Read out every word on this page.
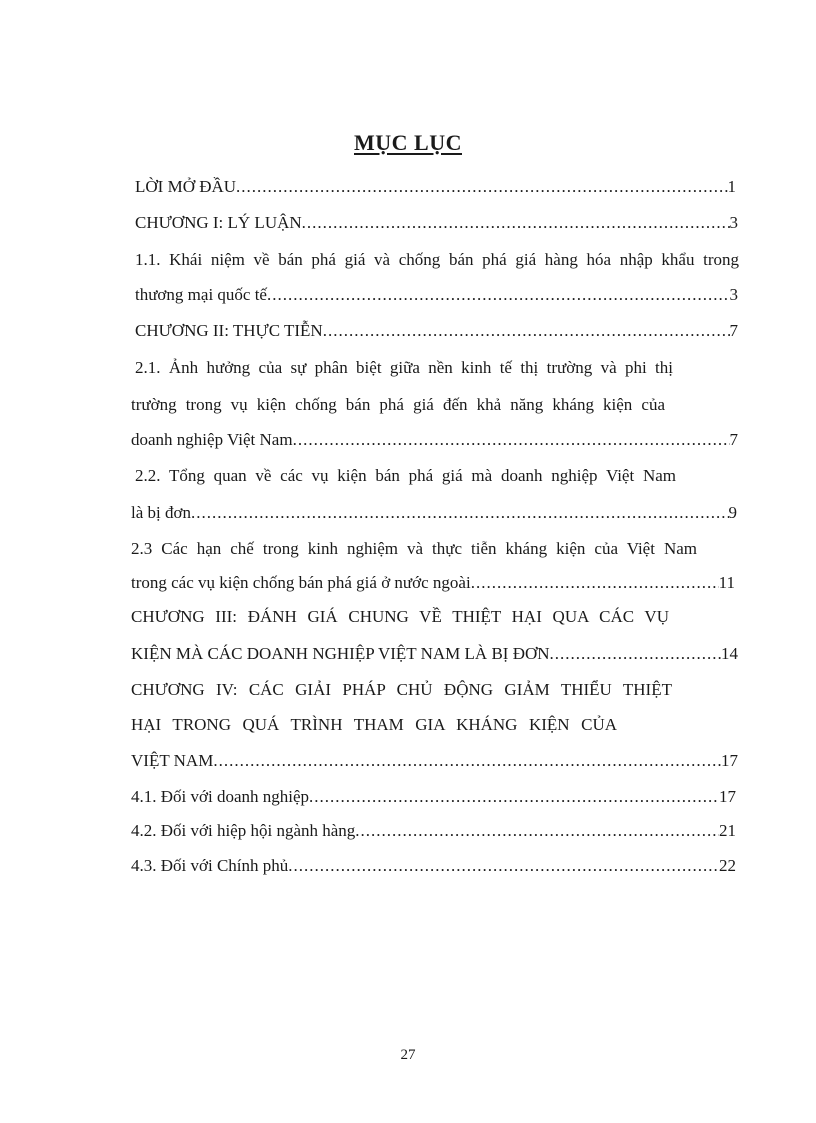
MỤC LỤC
LỜI MỞ ĐẦU .....	1
CHƯƠNG I: LÝ LUẬN .....	3
1.1. Khái niệm về bán phá giá và chống bán phá giá hàng hóa nhập khẩu trong
thương mại quốc tế .....	3
CHƯƠNG II: THỰC TIỄN .....	7
2.1. Ảnh hưởng của sự phân biệt giữa nền kinh tế thị trường và phi thị
trường trong vụ kiện chống bán phá giá đến khả năng kháng kiện của
doanh nghiệp Việt Nam .....	7
2.2. Tổng quan về các vụ kiện bán phá giá mà doanh nghiệp Việt Nam
là bị đơn .....	9
2.3 Các hạn chế trong kinh nghiệm và thực tiễn kháng kiện của Việt Nam
trong các vụ kiện chống bán phá giá ở nước ngoài .....	11
CHƯƠNG III: ĐÁNH GIÁ CHUNG VỀ THIỆT HẠI QUA CÁC VỤ
KIỆN MÀ CÁC DOANH NGHIỆP VIỆT NAM LÀ BỊ ĐƠN .....	14
CHƯƠNG IV: CÁC GIẢI PHÁP CHỦ ĐỘNG GIẢM THIỂU THIỆT
HẠI TRONG QUÁ TRÌNH THAM GIA KHÁNG KIỆN CỦA
VIỆT NAM .....	17
4.1. Đối với doanh nghiệp .....	17
4.2. Đối với hiệp hội ngành hàng .....	21
4.3. Đối với Chính phủ .....	22
27
